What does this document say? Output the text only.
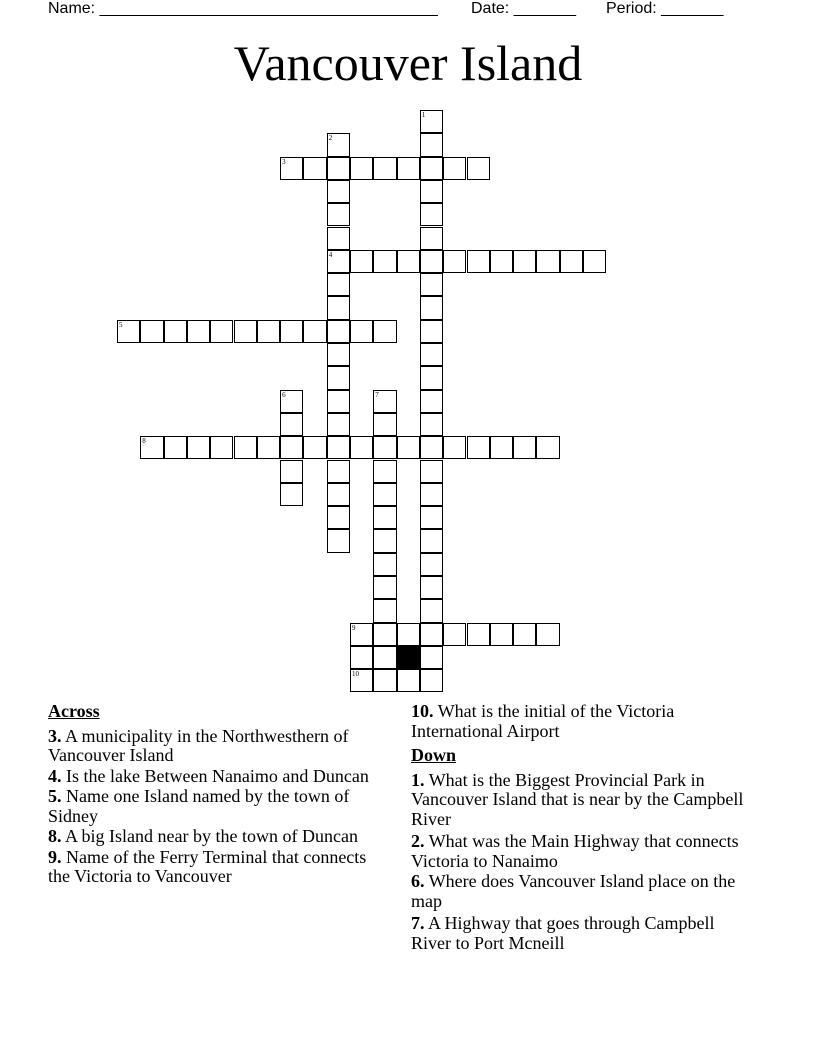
Name: ______________________________________ Date: _______ Period: _______
Vancouver Island
3
4
5
8
9
10
1
2
6	7
Across
3. A municipality in the Northwesthern of Vancouver Island
4. Is the lake Between Nanaimo and Duncan
5. Name one Island named by the town of Sidney
8. A big Island near by the town of Duncan
9. Name of the Ferry Terminal that connects the Victoria to Vancouver
10. What is the initial of the Victoria International Airport
Down
1. What is the Biggest Provincial Park in Vancouver Island that is near by the Campbell River
2. What was the Main Highway that connects Victoria to Nanaimo
6. Where does Vancouver Island place on the map
7. A Highway that goes through Campbell River to Port Mcneill
